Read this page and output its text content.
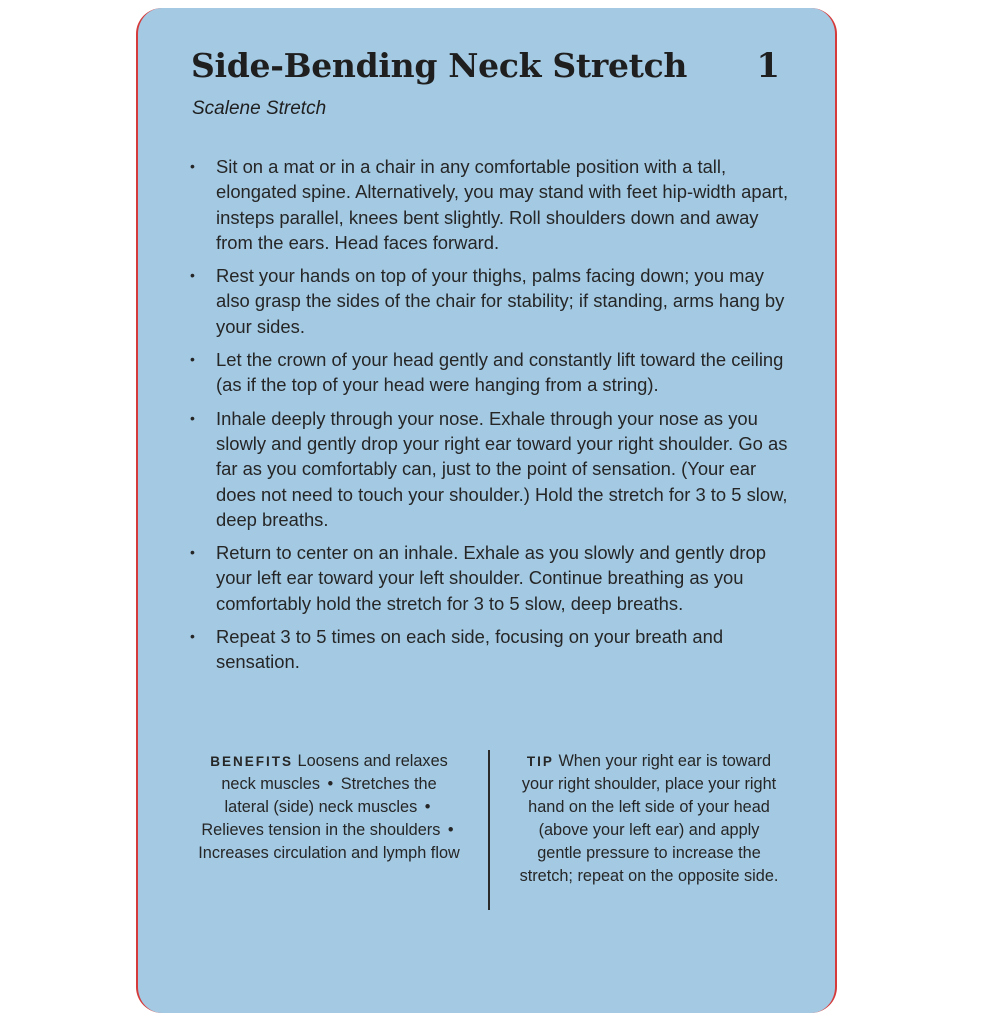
Side-Bending Neck Stretch 1
Scalene Stretch
• Sit on a mat or in a chair in any comfortable position with a tall, elongated spine. Alternatively, you may stand with feet hip-width apart, insteps parallel, knees bent slightly. Roll shoulders down and away from the ears. Head faces forward.
• Rest your hands on top of your thighs, palms facing down; you may also grasp the sides of the chair for stability; if standing, arms hang by your sides.
• Let the crown of your head gently and constantly lift toward the ceiling (as if the top of your head were hanging from a string).
• Inhale deeply through your nose. Exhale through your nose as you slowly and gently drop your right ear toward your right shoulder. Go as far as you comfortably can, just to the point of sensation. (Your ear does not need to touch your shoulder.) Hold the stretch for 3 to 5 slow, deep breaths.
• Return to center on an inhale. Exhale as you slowly and gently drop your left ear toward your left shoulder. Continue breathing as you comfortably hold the stretch for 3 to 5 slow, deep breaths.
• Repeat 3 to 5 times on each side, focusing on your breath and sensation.
BENEFITS Loosens and relaxes neck muscles • Stretches the lateral (side) neck muscles • Relieves tension in the shoulders • Increases circulation and lymph flow
TIP When your right ear is toward your right shoulder, place your right hand on the left side of your head (above your left ear) and apply gentle pressure to increase the stretch; repeat on the opposite side.
